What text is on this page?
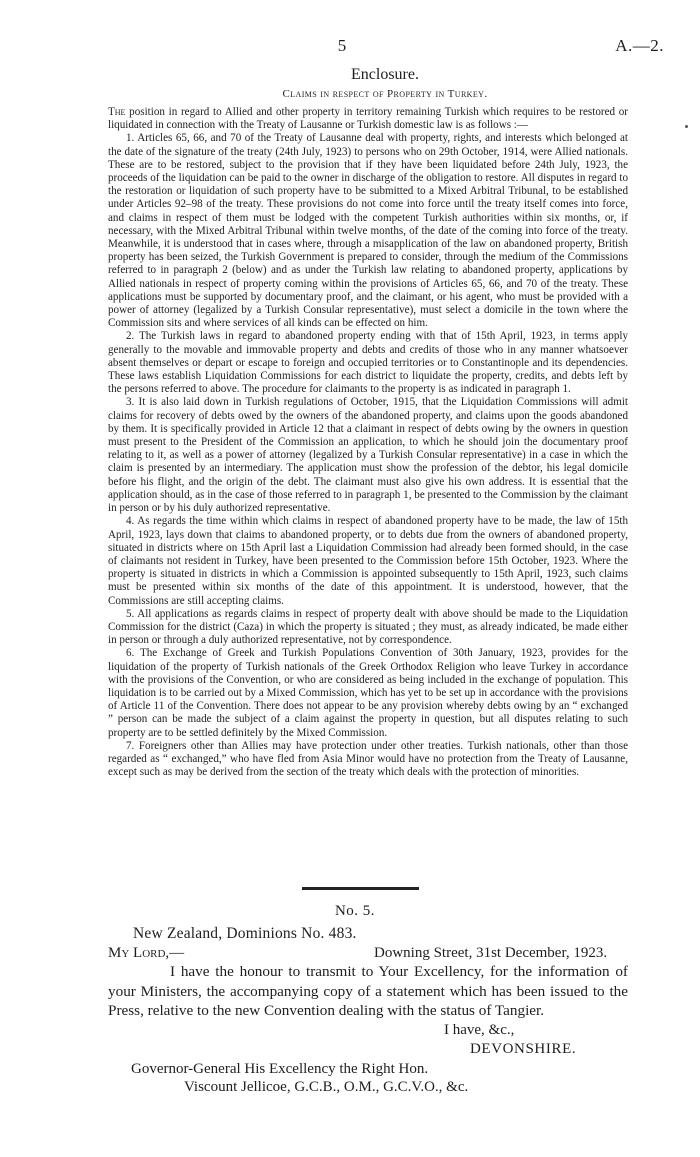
5	A.—2.
Enclosure.
Claims in respect of Property in Turkey.

The position in regard to Allied and other property in territory remaining Turkish which requires to be restored or liquidated in connection with the Treaty of Lausanne or Turkish domestic law is as follows :—

1. Articles 65, 66, and 70 of the Treaty of Lausanne deal with property, rights, and interests which belonged at the date of the signature of the treaty (24th July, 1923) to persons who on 29th October, 1914, were Allied nationals. These are to be restored, subject to the provision that if they have been liquidated before 24th July, 1923, the proceeds of the liquidation can be paid to the owner in discharge of the obligation to restore. All disputes in regard to the restoration or liquidation of such property have to be submitted to a Mixed Arbitral Tribunal, to be established under Articles 92–98 of the treaty. These provisions do not come into force until the treaty itself comes into force, and claims in respect of them must be lodged with the competent Turkish authorities within six months, or, if necessary, with the Mixed Arbitral Tribunal within twelve months, of the date of the coming into force of the treaty. Meanwhile, it is understood that in cases where, through a misapplication of the law on abandoned property, British property has been seized, the Turkish Government is prepared to consider, through the medium of the Commissions referred to in paragraph 2 (below) and as under the Turkish law relating to abandoned property, applications by Allied nationals in respect of property coming within the provisions of Articles 65, 66, and 70 of the treaty. These applications must be supported by documentary proof, and the claimant, or his agent, who must be provided with a power of attorney (legalized by a Turkish Consular representative), must select a domicile in the town where the Commission sits and where services of all kinds can be effected on him.

2. The Turkish laws in regard to abandoned property ending with that of 15th April, 1923, in terms apply generally to the movable and immovable property and debts and credits of those who in any manner whatsoever absent themselves or depart or escape to foreign and occupied territories or to Constantinople and its dependencies. These laws establish Liquidation Commissions for each district to liquidate the property, credits, and debts left by the persons referred to above. The procedure for claimants to the property is as indicated in paragraph 1.

3. It is also laid down in Turkish regulations of October, 1915, that the Liquidation Commissions will admit claims for recovery of debts owed by the owners of the abandoned property, and claims upon the goods abandoned by them. It is specifically provided in Article 12 that a claimant in respect of debts owing by the owners in question must present to the President of the Commission an application, to which he should join the documentary proof relating to it, as well as a power of attorney (legalized by a Turkish Consular representative) in a case in which the claim is presented by an intermediary. The application must show the profession of the debtor, his legal domicile before his flight, and the origin of the debt. The claimant must also give his own address. It is essential that the application should, as in the case of those referred to in paragraph 1, be presented to the Commission by the claimant in person or by his duly authorized representative.

4. As regards the time within which claims in respect of abandoned property have to be made, the law of 15th April, 1923, lays down that claims to abandoned property, or to debts due from the owners of abandoned property, situated in districts where on 15th April last a Liquidation Commission had already been formed should, in the case of claimants not resident in Turkey, have been presented to the Commission before 15th October, 1923. Where the property is situated in districts in which a Commission is appointed subsequently to 15th April, 1923, such claims must be presented within six months of the date of this appointment. It is understood, however, that the Commissions are still accepting claims.

5. All applications as regards claims in respect of property dealt with above should be made to the Liquidation Commission for the district (Caza) in which the property is situated ; they must, as already indicated, be made either in person or through a duly authorized representative, not by correspondence.

6. The Exchange of Greek and Turkish Populations Convention of 30th January, 1923, provides for the liquidation of the property of Turkish nationals of the Greek Orthodox Religion who leave Turkey in accordance with the provisions of the Convention, or who are considered as being included in the exchange of population. This liquidation is to be carried out by a Mixed Commission, which has yet to be set up in accordance with the provisions of Article 11 of the Convention. There does not appear to be any provision whereby debts owing by an “ exchanged ” person can be made the subject of a claim against the property in question, but all disputes relating to such property are to be settled definitely by the Mixed Commission.

7. Foreigners other than Allies may have protection under other treaties. Turkish nationals, other than those regarded as “ exchanged,” who have fled from Asia Minor would have no protection from the Treaty of Lausanne, except such as may be derived from the section of the treaty which deals with the protection of minorities.

No. 5.
New Zealand, Dominions No. 483.
My Lord,—	Downing Street, 31st December, 1923.
I have the honour to transmit to Your Excellency, for the information of your Ministers, the accompanying copy of a statement which has been issued to the Press, relative to the new Convention dealing with the status of Tangier.
I have, &c.,
DEVONSHIRE.
Governor-General His Excellency the Right Hon.
Viscount Jellicoe, G.C.B., O.M., G.C.V.O., &c.
